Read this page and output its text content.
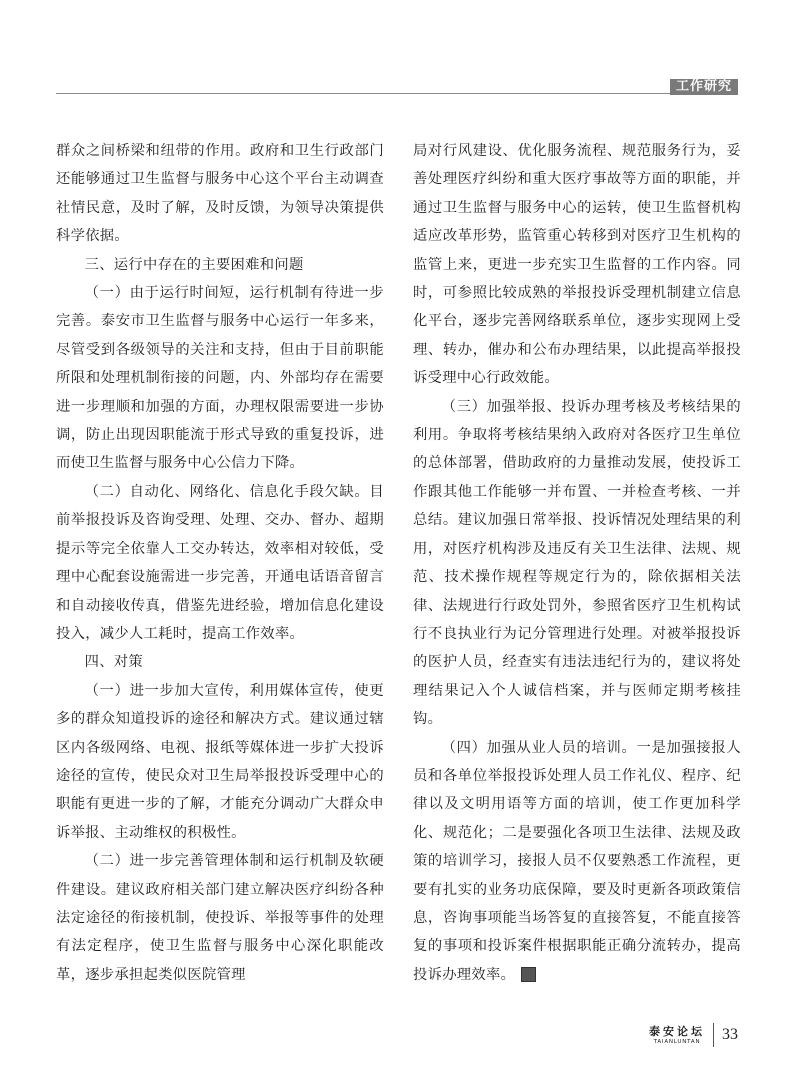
工作研究

群众之间桥梁和纽带的作用。政府和卫生行政部门还能够通过卫生监督与服务中心这个平台主动调查社情民意，及时了解，及时反馈，为领导决策提供科学依据。

三、运行中存在的主要困难和问题

（一）由于运行时间短，运行机制有待进一步完善。泰安市卫生监督与服务中心运行一年多来，尽管受到各级领导的关注和支持，但由于目前职能所限和处理机制衔接的问题，内、外部均存在需要进一步理顺和加强的方面，办理权限需要进一步协调，防止出现因职能流于形式导致的重复投诉，进而使卫生监督与服务中心公信力下降。

（二）自动化、网络化、信息化手段欠缺。目前举报投诉及咨询受理、处理、交办、督办、超期提示等完全依靠人工交办转达，效率相对较低，受理中心配套设施需进一步完善，开通电话语音留言和自动接收传真，借鉴先进经验，增加信息化建设投入，减少人工耗时，提高工作效率。

四、对策

（一）进一步加大宣传，利用媒体宣传，使更多的群众知道投诉的途径和解决方式。建议通过辖区内各级网络、电视、报纸等媒体进一步扩大投诉途径的宣传，使民众对卫生局举报投诉受理中心的职能有更进一步的了解，才能充分调动广大群众申诉举报、主动维权的积极性。

（二）进一步完善管理体制和运行机制及软硬件建设。建议政府相关部门建立解决医疗纠纷各种法定途径的衔接机制，使投诉、举报等事件的处理有法定程序，使卫生监督与服务中心深化职能改革，逐步承担起类似医院管理

局对行风建设、优化服务流程、规范服务行为，妥善处理医疗纠纷和重大医疗事故等方面的职能，并通过卫生监督与服务中心的运转，使卫生监督机构适应改革形势，监管重心转移到对医疗卫生机构的监管上来，更进一步充实卫生监督的工作内容。同时，可参照比较成熟的举报投诉受理机制建立信息化平台，逐步完善网络联系单位，逐步实现网上受理、转办，催办和公布办理结果，以此提高举报投诉受理中心行政效能。

（三）加强举报、投诉办理考核及考核结果的利用。争取将考核结果纳入政府对各医疗卫生单位的总体部署，借助政府的力量推动发展，使投诉工作跟其他工作能够一并布置、一并检查考核、一并总结。建议加强日常举报、投诉情况处理结果的利用，对医疗机构涉及违反有关卫生法律、法规、规范、技术操作规程等规定行为的，除依据相关法律、法规进行行政处罚外，参照省医疗卫生机构试行不良执业行为记分管理进行处理。对被举报投诉的医护人员，经查实有违法违纪行为的，建议将处理结果记入个人诚信档案，并与医师定期考核挂钩。

（四）加强从业人员的培训。一是加强接报人员和各单位举报投诉处理人员工作礼仪、程序、纪律以及文明用语等方面的培训，使工作更加科学化、规范化；二是要强化各项卫生法律、法规及政策的培训学习，接报人员不仅要熟悉工作流程，更要有扎实的业务功底保障，要及时更新各项政策信息，咨询事项能当场答复的直接答复，不能直接答复的事项和投诉案件根据职能正确分流转办，提高投诉办理效率。	TA

泰安论坛
TAIANLUNTAN 33
